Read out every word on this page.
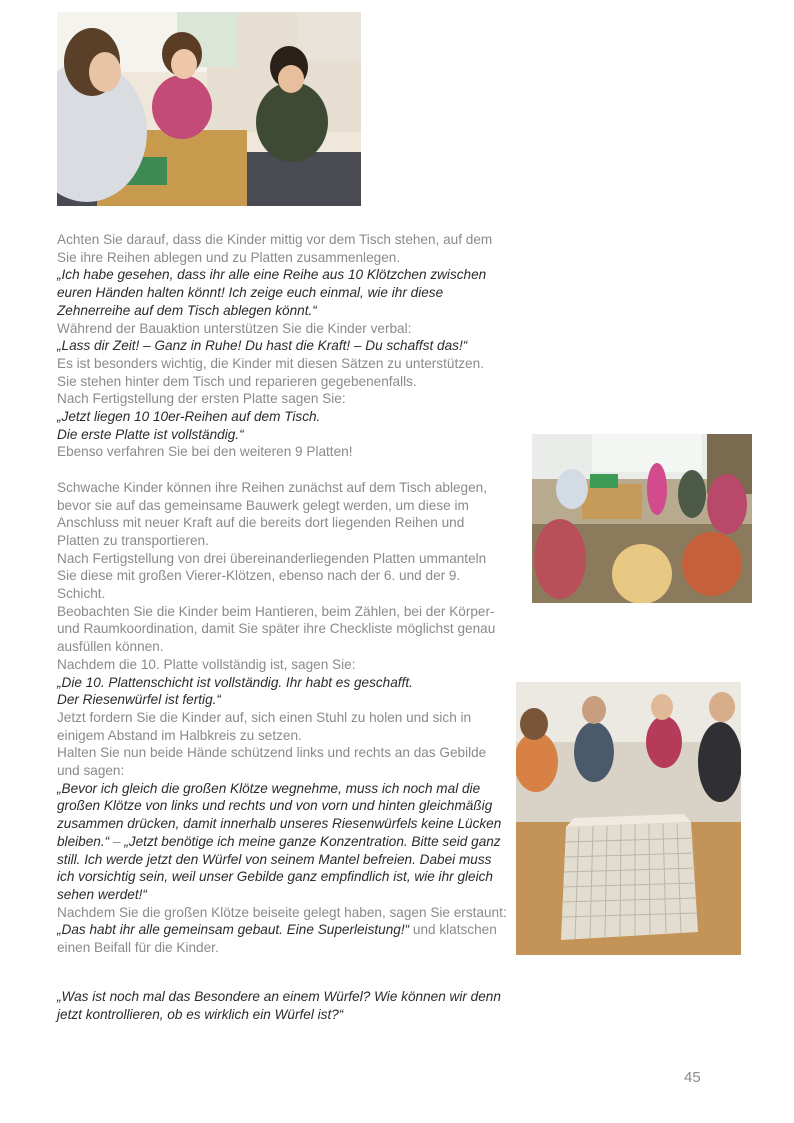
Achten Sie darauf, dass die Kinder mittig vor dem Tisch stehen, auf dem Sie ihre Reihen ablegen und zu Platten zusammenlegen.

„Ich habe gesehen, dass ihr alle eine Reihe aus 10 Klötzchen zwischen euren Händen halten könnt! Ich zeige euch einmal, wie ihr diese Zehnerreihe auf dem Tisch ablegen könnt.“

Während der Bauaktion unterstützen Sie die Kinder verbal:

„Lass dir Zeit! – Ganz in Ruhe! Du hast die Kraft! – Du schaffst das!“

Es ist besonders wichtig, die Kinder mit diesen Sätzen zu unterstützen.

Sie stehen hinter dem Tisch und reparieren gegebenenfalls.

Nach Fertigstellung der ersten Platte sagen Sie:

„Jetzt liegen 10 10er-Reihen auf dem Tisch.

Die erste Platte ist vollständig.“

Ebenso verfahren Sie bei den weiteren 9 Platten!

Schwache Kinder können ihre Reihen zunächst auf dem Tisch ablegen, bevor sie auf das gemeinsame Bauwerk gelegt werden, um diese im Anschluss mit neuer Kraft auf die bereits dort liegenden Reihen und Platten zu transportieren.

Nach Fertigstellung von drei übereinanderliegenden Platten ummanteln Sie diese mit großen Vierer-Klötzen, ebenso nach der 6. und der 9. Schicht.

Beobachten Sie die Kinder beim Hantieren, beim Zählen, bei der Körper- und Raumkoordination, damit Sie später ihre Checkliste möglichst genau ausfüllen können.

Nachdem die 10. Platte vollständig ist, sagen Sie:

„Die 10. Plattenschicht ist vollständig. Ihr habt es geschafft.

Der Riesenwürfel ist fertig.“

Jetzt fordern Sie die Kinder auf, sich einen Stuhl zu holen und sich in einigem Abstand im Halbkreis zu setzen.

Halten Sie nun beide Hände schützend links und rechts an das Gebilde und sagen:

„Bevor ich gleich die großen Klötze wegnehme, muss ich noch mal die großen Klötze von links und rechts und von vorn und hinten gleichmäßig zusammen drücken, damit innerhalb unseres Riesenwürfels keine Lücken bleiben.“ – „Jetzt benötige ich meine ganze Konzentration. Bitte seid ganz still. Ich werde jetzt den Würfel von seinem Mantel befreien. Dabei muss ich vorsichtig sein, weil unser Gebilde ganz empfindlich ist, wie ihr gleich sehen werdet!“

Nachdem Sie die großen Klötze beiseite gelegt haben, sagen Sie erstaunt: „Das habt ihr alle gemeinsam gebaut. Eine Superleistung!“ und klatschen einen Beifall für die Kinder.

„Was ist noch mal das Besondere an einem Würfel? Wie können wir denn jetzt kontrollieren, ob es wirklich ein Würfel ist?“

45
